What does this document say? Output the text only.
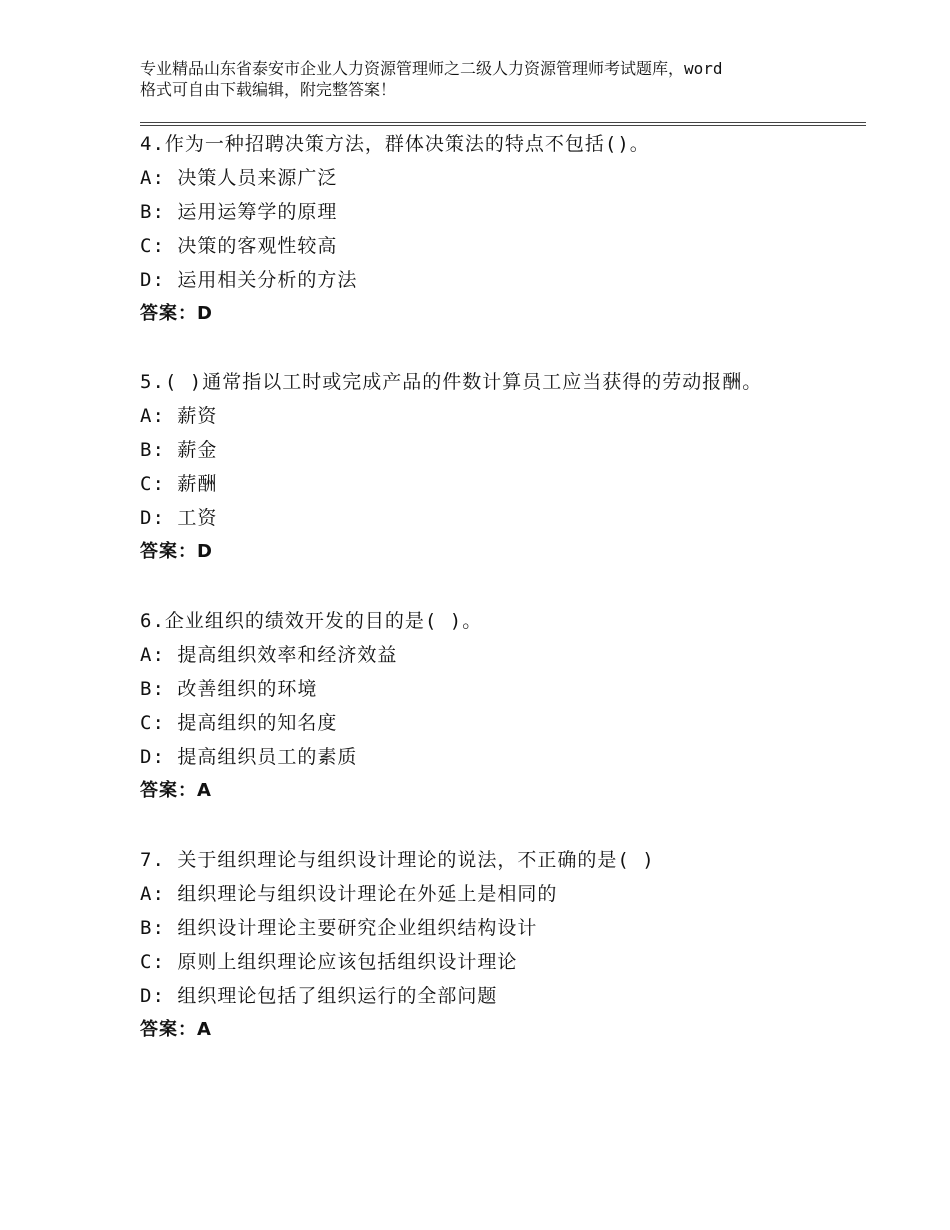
专业精品山东省泰安市企业人力资源管理师之二级人力资源管理师考试题库，word
格式可自由下载编辑，附完整答案！
4.作为一种招聘决策方法，群体决策法的特点不包括()。
A: 决策人员来源广泛
B: 运用运筹学的原理
C: 决策的客观性较高
D: 运用相关分析的方法
答案：D
5.( )通常指以工时或完成产品的件数计算员工应当获得的劳动报酬。
A: 薪资
B: 薪金
C: 薪酬
D: 工资
答案：D
6.企业组织的绩效开发的目的是( )。
A: 提高组织效率和经济效益
B: 改善组织的环境
C: 提高组织的知名度
D: 提高组织员工的素质
答案：A
7. 关于组织理论与组织设计理论的说法，不正确的是( )
A: 组织理论与组织设计理论在外延上是相同的
B: 组织设计理论主要研究企业组织结构设计
C: 原则上组织理论应该包括组织设计理论
D: 组织理论包括了组织运行的全部问题
答案：A
